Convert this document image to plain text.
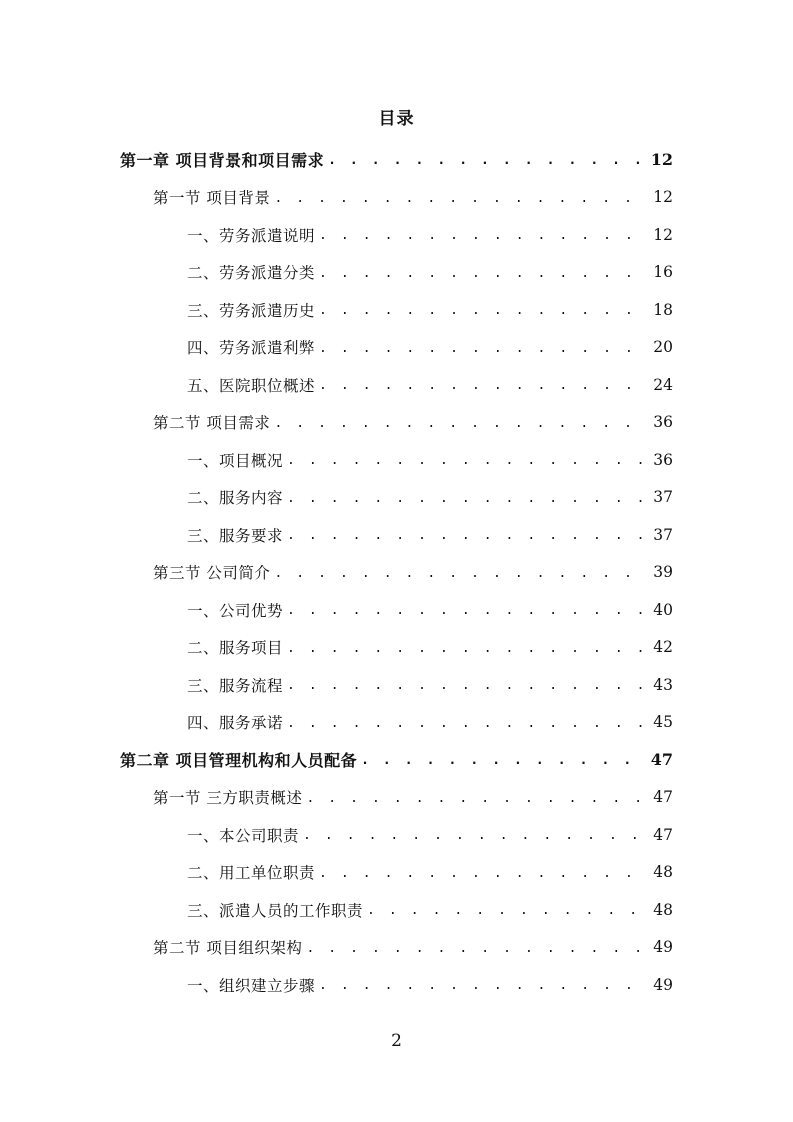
目录
第一章 项目背景和项目需求 . . .	12
第一节 项目背景 . . .	12
一、劳务派遣说明 . . .	12
二、劳务派遣分类 . . .	16
三、劳务派遣历史 . . .	18
四、劳务派遣利弊 . . .	20
五、医院职位概述 . . .	24
第二节 项目需求 . . .	36
一、项目概况 . . .	36
二、服务内容 . . .	37
三、服务要求 . . .	37
第三节 公司简介 . . .	39
一、公司优势 . . .	40
二、服务项目 . . .	42
三、服务流程 . . .	43
四、服务承诺 . . .	45
第二章 项目管理机构和人员配备 . . .	47
第一节 三方职责概述 . . .	47
一、本公司职责 . . .	47
二、用工单位职责 . . .	48
三、派遣人员的工作职责 . . .	48
第二节 项目组织架构 . . .	49
一、组织建立步骤 . . .	49
2
